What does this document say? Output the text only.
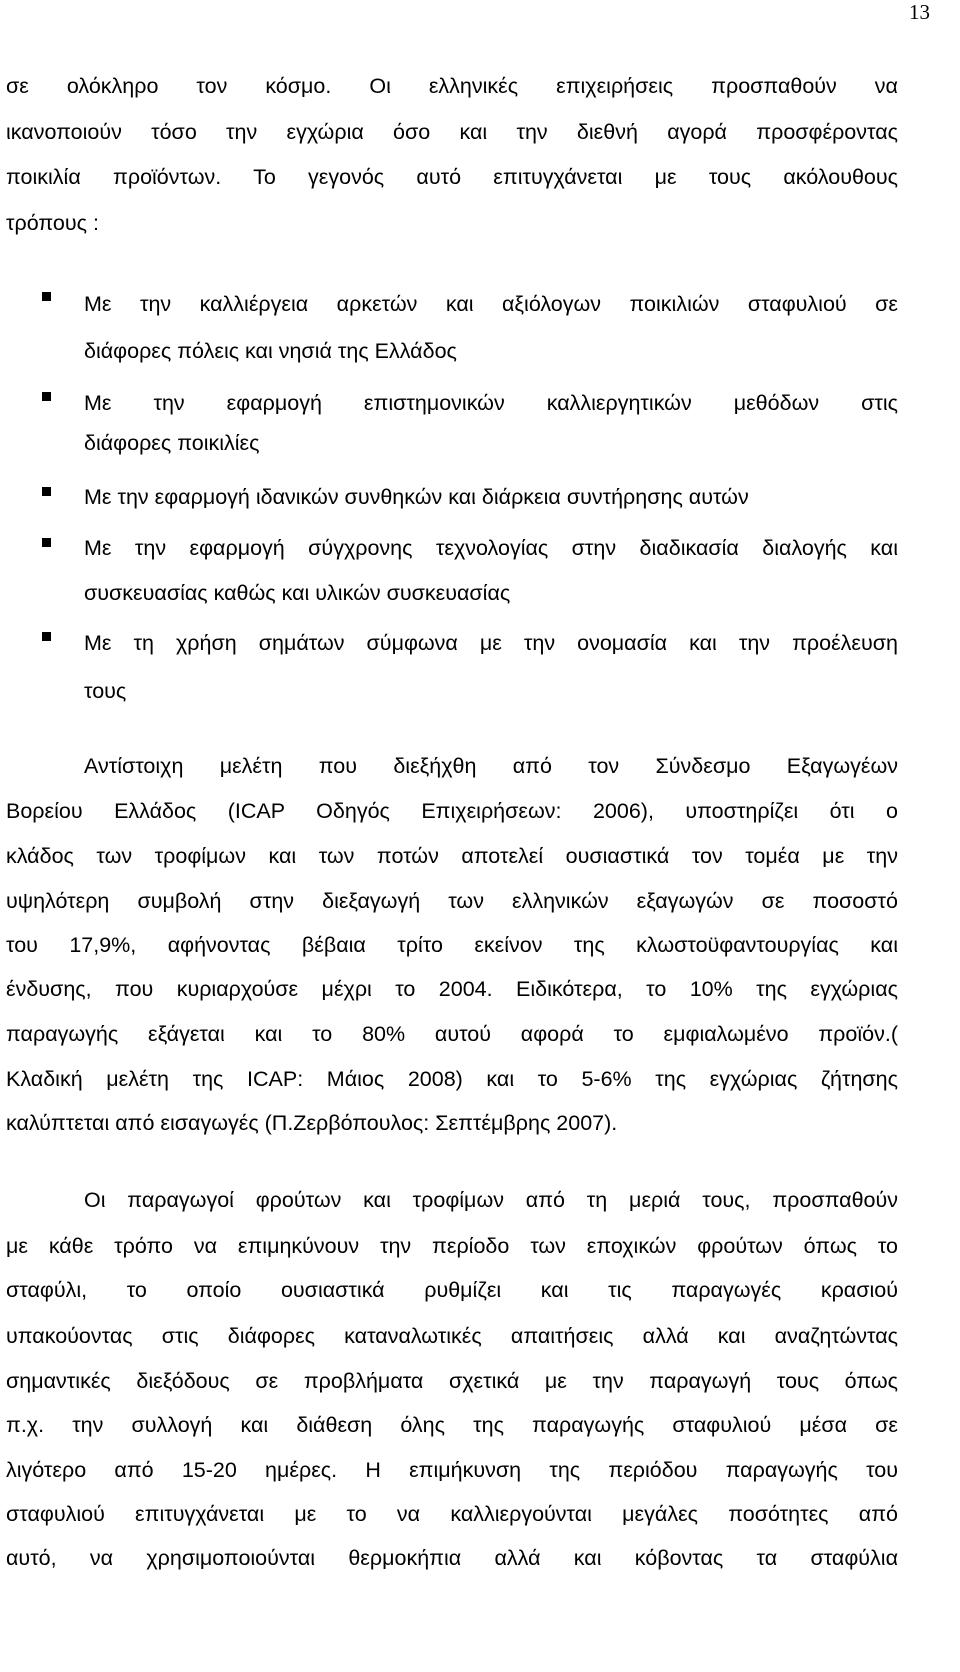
13
σε ολόκληρο τον κόσμο. Οι ελληνικές επιχειρήσεις προσπαθούν να
ικανοποιούν τόσο την εγχώρια όσο και την διεθνή αγορά προσφέροντας
ποικιλία προϊόντων. Το γεγονός αυτό επιτυγχάνεται με τους ακόλουθους
τρόπους :
Με την καλλιέργεια αρκετών και αξιόλογων ποικιλιών σταφυλιού σε
διάφορες πόλεις και νησιά της Ελλάδος
Με την εφαρμογή επιστημονικών καλλιεργητικών μεθόδων στις
διάφορες ποικιλίες
Με την εφαρμογή ιδανικών συνθηκών και διάρκεια συντήρησης αυτών
Με την εφαρμογή σύγχρονης τεχνολογίας στην διαδικασία διαλογής και
συσκευασίας καθώς και υλικών συσκευασίας
Με τη χρήση σημάτων σύμφωνα με την ονομασία και την προέλευση
τους
Αντίστοιχη μελέτη που διεξήχθη από τον Σύνδεσμο Εξαγωγέων
Βορείου Ελλάδος (ICAP Οδηγός Επιχειρήσεων: 2006), υποστηρίζει ότι ο
κλάδος των τροφίμων και των ποτών αποτελεί ουσιαστικά τον τομέα με την
υψηλότερη συμβολή στην διεξαγωγή των ελληνικών εξαγωγών σε ποσοστό
του 17,9%, αφήνοντας βέβαια τρίτο εκείνον της κλωστοϋφαντουργίας και
ένδυσης, που κυριαρχούσε μέχρι το 2004. Ειδικότερα, το 10% της εγχώριας
παραγωγής εξάγεται και το 80% αυτού αφορά το εμφιαλωμένο προϊόν.(
Κλαδική μελέτη της ICAP: Μάιος 2008) και το 5-6% της εγχώριας ζήτησης
καλύπτεται από εισαγωγές (Π.Ζερβόπουλος: Σεπτέμβρης 2007).
Οι παραγωγοί φρούτων και τροφίμων από τη μεριά τους, προσπαθούν
με κάθε τρόπο να επιμηκύνουν την περίοδο των εποχικών φρούτων όπως το
σταφύλι, το οποίο ουσιαστικά ρυθμίζει και τις παραγωγές κρασιού
υπακούοντας στις διάφορες καταναλωτικές απαιτήσεις αλλά και αναζητώντας
σημαντικές διεξόδους σε προβλήματα σχετικά με την παραγωγή τους όπως
π.χ. την συλλογή και διάθεση όλης της παραγωγής σταφυλιού μέσα σε
λιγότερο από 15-20 ημέρες. Η επιμήκυνση της περιόδου παραγωγής του
σταφυλιού επιτυγχάνεται με το να καλλιεργούνται μεγάλες ποσότητες από
αυτό, να χρησιμοποιούνται θερμοκήπια αλλά και κόβοντας τα σταφύλια
